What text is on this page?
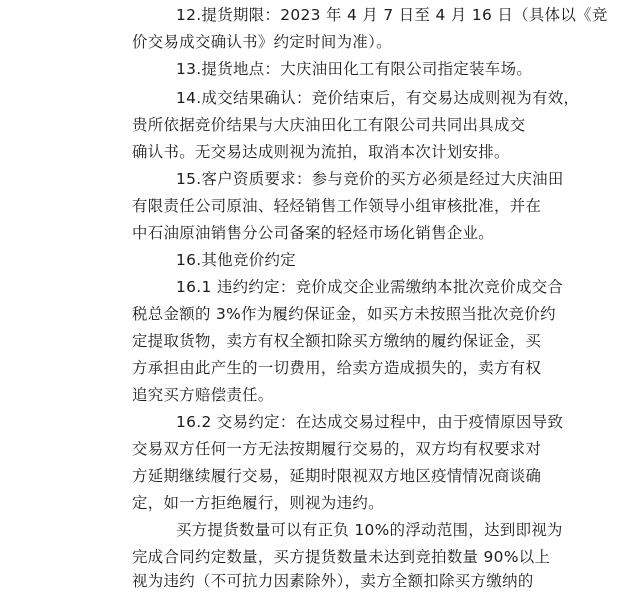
12.提货期限：2023 年 4 月 7 日至 4 月 16 日（具体以《竞
价交易成交确认书》约定时间为准）。
13.提货地点：大庆油田化工有限公司指定装车场。
14.成交结果确认：竞价结束后，有交易达成则视为有效，
贵所依据竞价结果与大庆油田化工有限公司共同出具成交
确认书。无交易达成则视为流拍，取消本次计划安排。
15.客户资质要求：参与竞价的买方必须是经过大庆油田
有限责任公司原油、轻烃销售工作领导小组审核批准，并在
中石油原油销售分公司备案的轻烃市场化销售企业。
16.其他竞价约定
16.1 违约约定：竞价成交企业需缴纳本批次竞价成交合
税总金额的 3%作为履约保证金，如买方未按照当批次竞价约
定提取货物，卖方有权全额扣除买方缴纳的履约保证金，买
方承担由此产生的一切费用，给卖方造成损失的，卖方有权
追究买方赔偿责任。
16.2 交易约定：在达成交易过程中，由于疫情原因导致
交易双方任何一方无法按期履行交易的，双方均有权要求对
方延期继续履行交易，延期时限视双方地区疫情情况商谈确
定，如一方拒绝履行，则视为违约。
买方提货数量可以有正负 10%的浮动范围，达到即视为
完成合同约定数量，买方提货数量未达到竞拍数量 90%以上
视为违约（不可抗力因素除外），卖方全额扣除买方缴纳的
